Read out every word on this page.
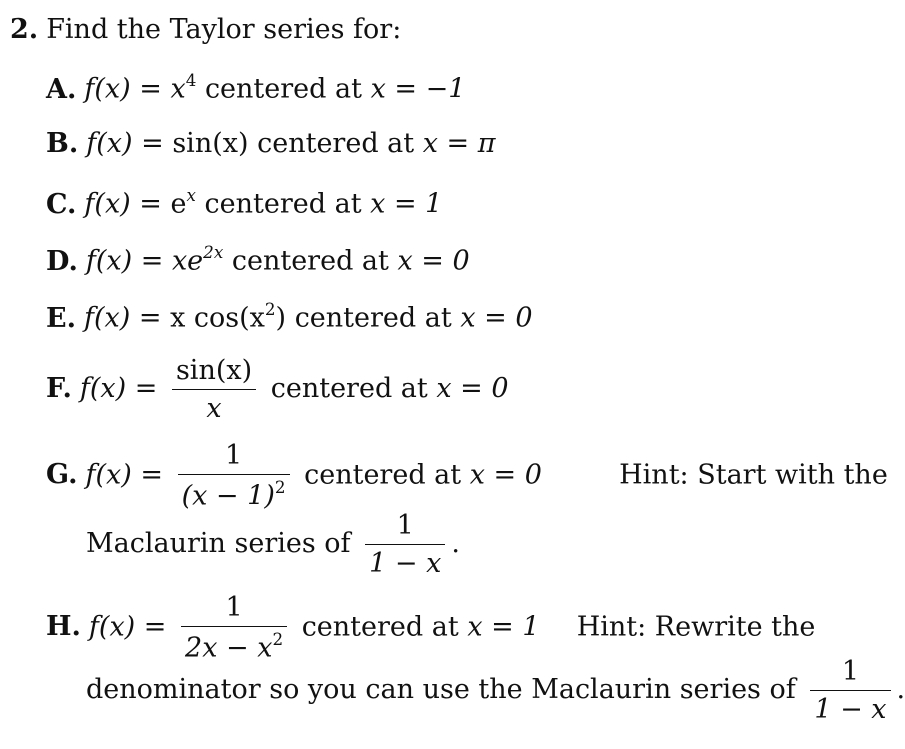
2. Find the Taylor series for:
A. $f(x) = x^4$ centered at x = −1
B. f(x) = sin(x) centered at x = π
C. $f(x) = e^x$ centered at x = 1
D. $f(x) = xe^{2x}$ centered at x = 0
E. f(x) = x $\cos(x^2)$ centered at x = 0
F. $f(x) = \frac{\sin(x)}{x}$ centered at x = 0
G. $f(x) = \frac{1}{(x - 1)^2}$ centered at x = 0	Hint: Start with the
Maclaurin series of $\frac{1}{1 - x}$ .
H. $f(x) = \frac{1}{2x - x^2}$ centered at x = 1 Hint: Rewrite the
denominator so you can use the Maclaurin series of $\frac{1}{1 - x}$ .
